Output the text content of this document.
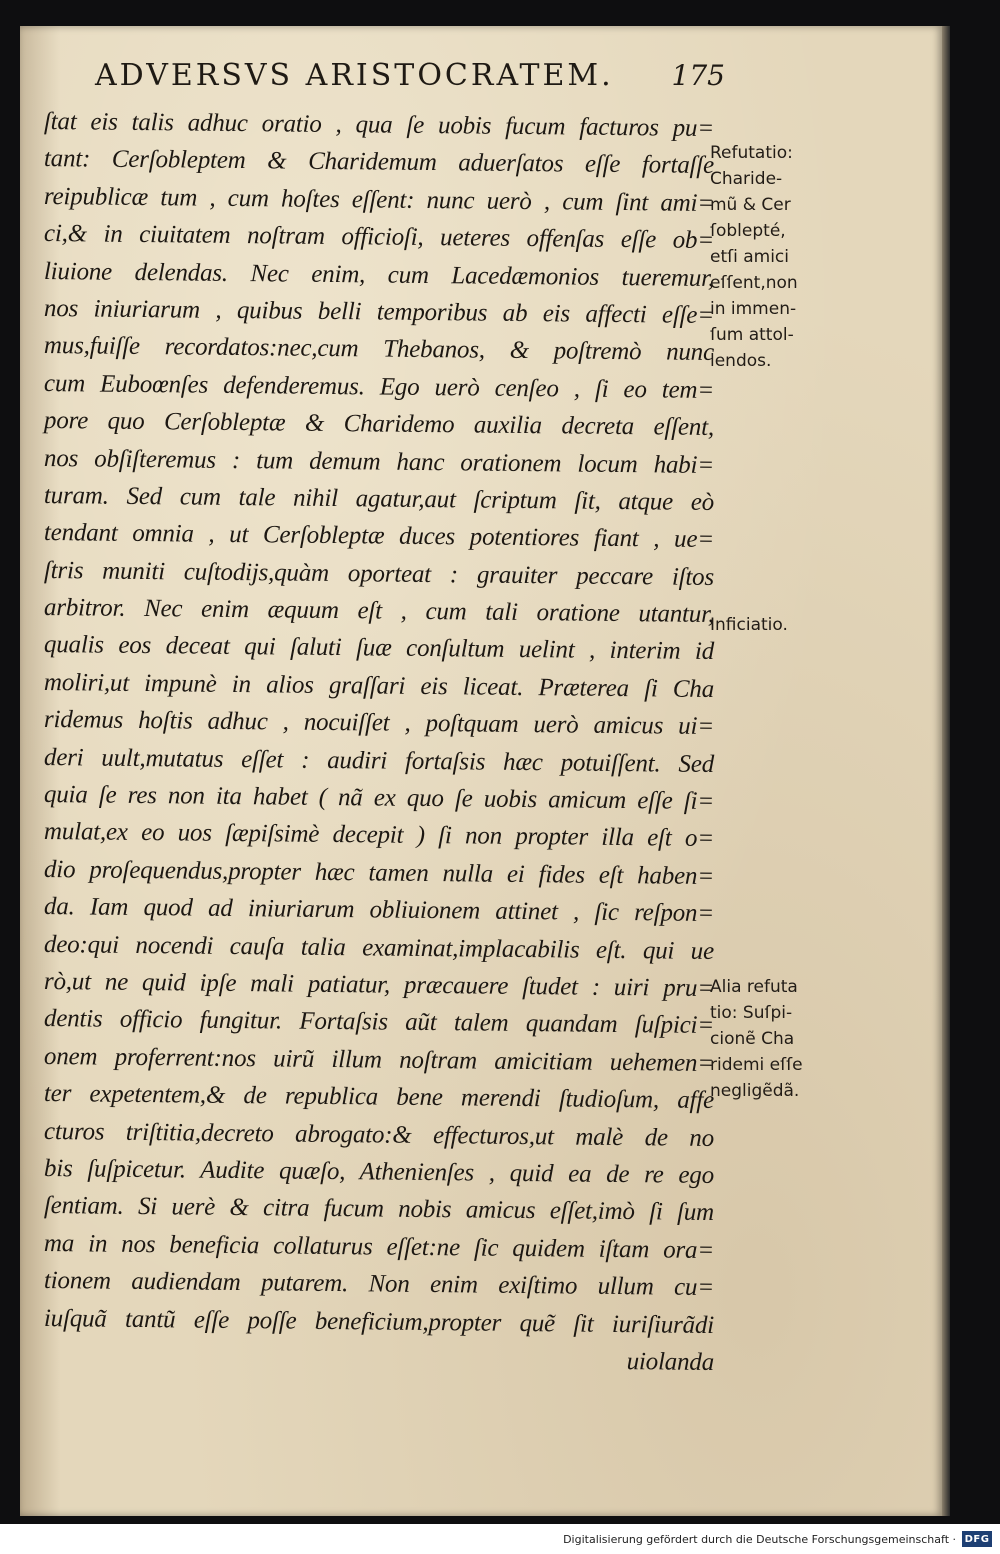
ADVERSVS ARISTOCRATEM. 175
ſtat eis talis adhuc oratio , qua ſe uobis fucum facturos pu=
tant: Cerſobleptem & Charidemum aduerſatos eſſe fortaſſe
reipublicæ tum , cum hoſtes eſſent: nunc uerò , cum ſint ami=
ci,& in ciuitatem noſtram officioſi, ueteres offenſas eſſe ob=
liuione delendas. Nec enim, cum Lacedæmonios tueremur,
nos iniuriarum , quibus belli temporibus ab eis affecti eſſe=
mus,fuiſſe recordatos:nec,cum Thebanos, & poſtremò nunc
cum Euboœnſes defenderemus. Ego uerò cenſeo , ſi eo tem=
pore quo Cerſobleptæ & Charidemo auxilia decreta eſſent,
nos obſiſteremus : tum demum hanc orationem locum habi=
turam. Sed cum tale nihil agatur,aut ſcriptum ſit, atque eò
tendant omnia , ut Cerſobleptæ duces potentiores fiant , ue=
ſtris muniti cuſtodijs,quàm oporteat : grauiter peccare iſtos
arbitror. Nec enim æquum eſt , cum tali oratione utantur,
qualis eos deceat qui ſaluti ſuæ conſultum uelint , interim id
moliri,ut impunè in alios graſſari eis liceat. Præterea ſi Cha
ridemus hoſtis adhuc , nocuiſſet , poſtquam uerò amicus ui=
deri uult,mutatus eſſet : audiri fortaſsis hæc potuiſſent. Sed
quia ſe res non ita habet ( nã ex quo ſe uobis amicum eſſe ſi=
mulat,ex eo uos ſæpiſsimè decepit ) ſi non propter illa eſt o=
dio proſequendus,propter hæc tamen nulla ei fides eſt haben=
da. Iam quod ad iniuriarum obliuionem attinet , ſic reſpon=
deo:qui nocendi cauſa talia examinat,implacabilis eſt. qui ue
rò,ut ne quid ipſe mali patiatur, præcauere ſtudet : uiri pru=
dentis officio fungitur. Fortaſsis aũt talem quandam ſuſpici=
onem proferrent:nos uirũ illum noſtram amicitiam uehemen=
ter expetentem,& de republica bene merendi ſtudioſum, affe
cturos triſtitia,decreto abrogato:& effecturos,ut malè de no
bis ſuſpicetur. Audite quæſo, Athenienſes , quid ea de re ego
ſentiam. Si uerè & citra fucum nobis amicus eſſet,imò ſi ſum
ma in nos beneficia collaturus eſſet:ne ſic quidem iſtam ora=
tionem audiendam putarem. Non enim exiſtimo ullum cu=
iuſquã tantũ eſſe poſſe beneficium,propter quẽ ſit iuriſiurãdi
uiolanda
Refutatio:
Charide-
mũ & Cer
ſoblepté,
etſi amici
eſſent,non
in immen-
ſum attol-
lendos.
Inficiatio.
Alia refuta
tio: Suſpi-
cionẽ Cha
ridemi eſſe
negligẽdã.
Digitalisierung gefördert durch die Deutsche Forschungsgemeinschaft · DFG
